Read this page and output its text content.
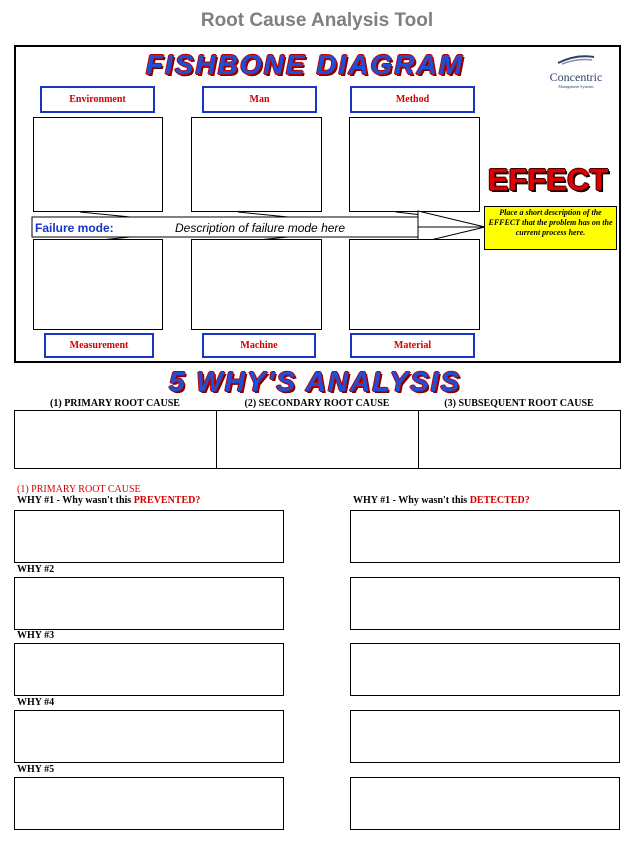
Root Cause Analysis Tool
FISHBONE DIAGRAM	Concentric
Management Systems
Environment	Man	Method
Failure mode:	Description of failure mode here
EFFECT
Place a short description of the EFFECT that the problem has on the current process here.
Measurement	Machine	Material
5 WHY'S ANALYSIS
(1) PRIMARY ROOT CAUSE	(2) SECONDARY ROOT CAUSE	(3) SUBSEQUENT ROOT CAUSE
(1) PRIMARY ROOT CAUSE
WHY #1 - Why wasn't this PREVENTED?	WHY #1 - Why wasn't this DETECTED?
WHY #2
WHY #3
WHY #4
WHY #5
